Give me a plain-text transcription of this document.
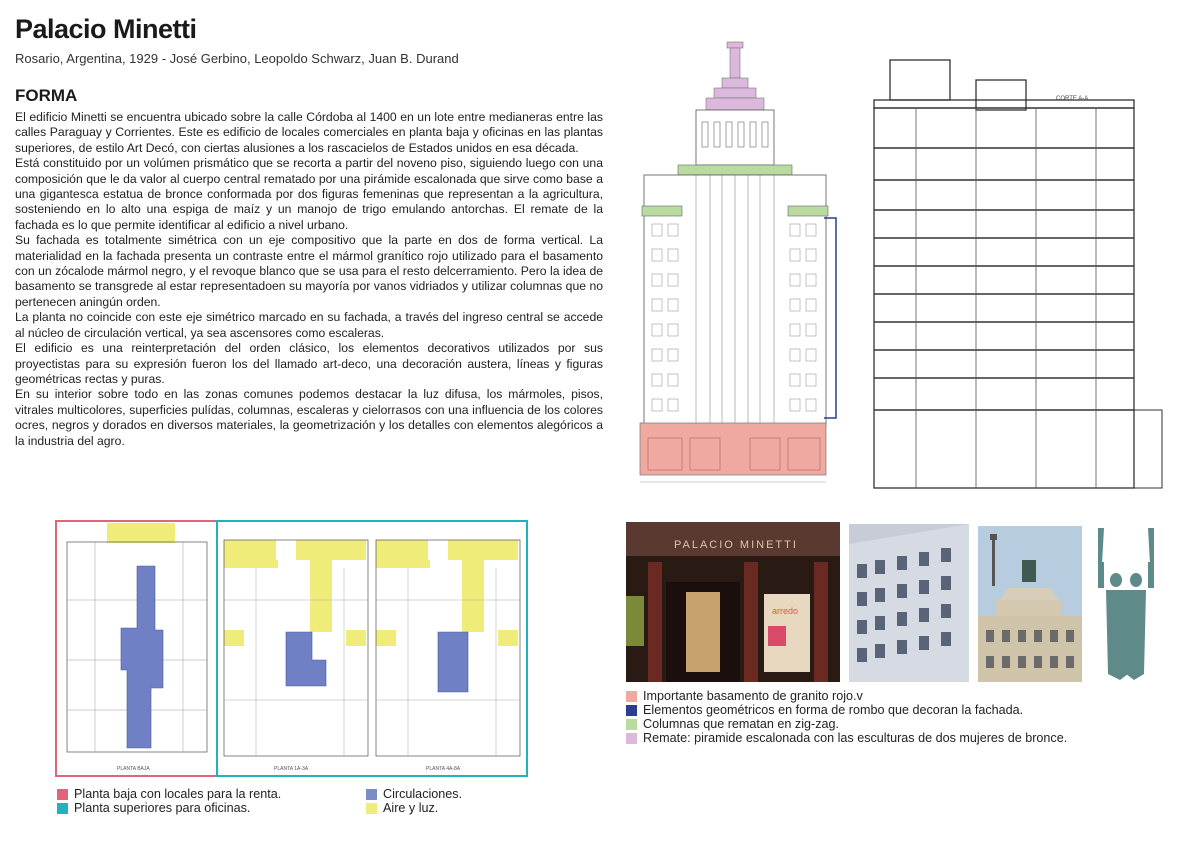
Palacio Minetti
Rosario, Argentina, 1929 - José Gerbino, Leopoldo Schwarz, Juan B. Durand
FORMA

El edificio Minetti se encuentra ubicado sobre la calle Córdoba al 1400 en un lote entre medianeras entre las calles Paraguay y Corrientes. Este es edificio de locales comerciales en planta baja y oficinas en las plantas superiores, de estilo Art Decó, con ciertas alusiones a los rascacielos de Estados unidos en esa década.

Está constituido por un volúmen prismático que se recorta a partir del noveno piso, siguiendo luego con una composición que le da valor al cuerpo central rematado por una pirámide escalonada que sirve como base a una gigantesca estatua de bronce conformada por dos figuras femeninas que representan a la agricultura, sosteniendo en lo alto una espiga de maíz y un manojo de trigo emulando antorchas. El remate de la fachada es lo que permite identificar al edificio a nivel urbano.

Su fachada es totalmente simétrica con un eje compositivo que la parte en dos de forma vertical. La materialidad en la fachada presenta un contraste entre el mármol granítico rojo utilizado para el basamento con un zócalode mármol negro, y el revoque blanco que se usa para el resto delcerramiento. Pero la idea de basamento se transgrede al estar representadoen su mayoría por vanos vidriados y utilizar columnas que no pertenecen aningún orden.

La planta no coincide con este eje simétrico marcado en su fachada, a través del ingreso central se accede al núcleo de circulación vertical, ya sea ascensores como escaleras.

El edificio es una reinterpretación del orden clásico, los elementos decorativos utilizados por sus proyectistas para su expresión fueron los del llamado art-deco, una decoración austera, líneas y figuras geométricas rectas y puras.

En su interior sobre todo en las zonas comunes podemos destacar la luz difusa, los mármoles, pisos, vitrales multicolores, superficies pulídas, columnas, escaleras y cielorrasos con una influencia de los colores ocres, negros y dorados en diversos materiales, la geometrización y los detalles con elementos alegóricos a la industria del agro.

CORTE A-A
PLANTA BAJA	PLANTA 1A-3A	PLANTA 4A-8A
PALACIO MINETTI
arredo
Importante basamento de granito rojo.v
Elementos geométricos en forma de rombo que decoran la fachada.
Columnas que rematan en zig-zag.
Remate: piramide escalonada con las esculturas de dos mujeres de bronce.
Planta baja con locales para la renta.
Planta superiores para oficinas.
Circulaciones.
Aire y luz.
